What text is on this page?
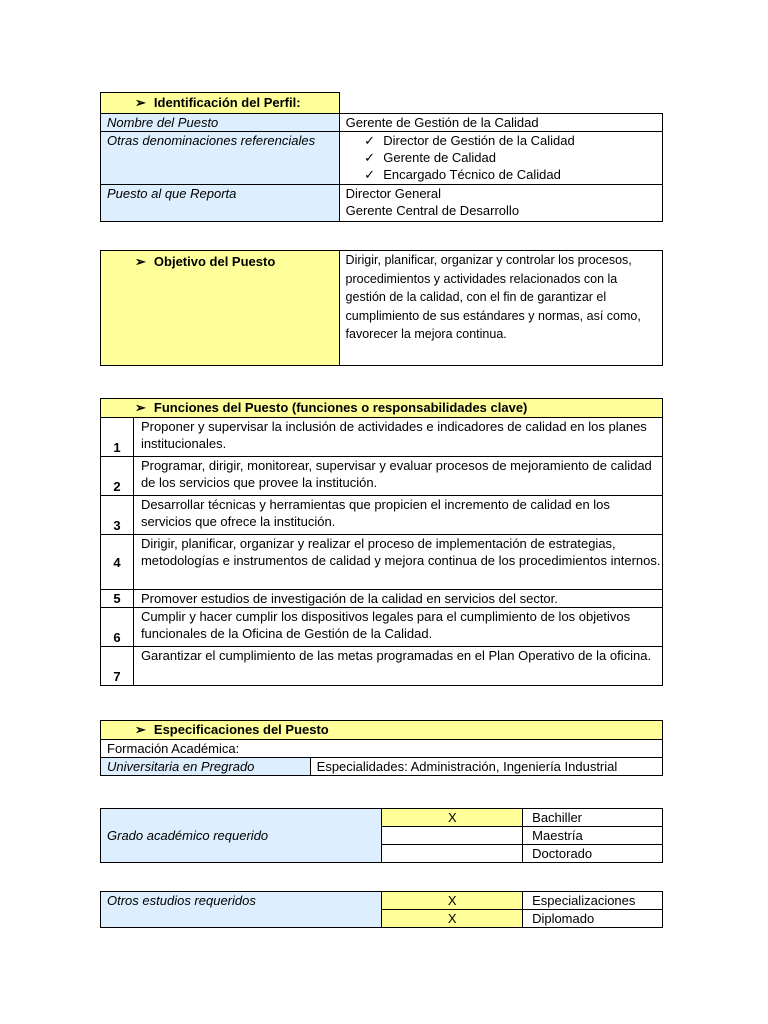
➢ Identificación del Perfil:	
Nombre del Puesto	Gerente de Gestión de la Calidad
Otras denominaciones referenciales	✓ Director de Gestión de la Calidad
✓ Gerente de Calidad
✓ Encargado Técnico de Calidad

Puesto al que Reporta	Director General
Gerente Central de Desarrollo
➢ Objetivo del Puesto	Dirigir, planificar, organizar y controlar los procesos, procedimientos y actividades relacionados con la gestión de la calidad, con el fin de garantizar el cumplimiento de sus estándares y normas, así como, favorecer la mejora continua.
➢ Funciones del Puesto (funciones o responsabilidades clave)	
1	Proponer y supervisar la inclusión de actividades e indicadores de calidad en los planes institucionales.
2	Programar, dirigir, monitorear, supervisar y evaluar procesos de mejoramiento de calidad de los servicios que provee la institución.
3	Desarrollar técnicas y herramientas que propicien el incremento de calidad en los servicios que ofrece la institución.
4	Dirigir, planificar, organizar y realizar el proceso de implementación de estrategias, metodologías e instrumentos de calidad y mejora continua de los procedimientos internos.
5	Promover estudios de investigación de la calidad en servicios del sector.
6	Cumplir y hacer cumplir los dispositivos legales para el cumplimiento de los objetivos funcionales de la Oficina de Gestión de la Calidad.
7	Garantizar el cumplimiento de las metas programadas en el Plan Operativo de la oficina.
➢ Especificaciones del Puesto
Formación Académica:
Universitaria en Pregrado	Especialidades: Administración, Ingeniería Industrial
Grado académico requerido	X	Bachiller
		Maestría
		Doctorado
Otros estudios requeridos	X	Especializaciones
	X	Diplomado
